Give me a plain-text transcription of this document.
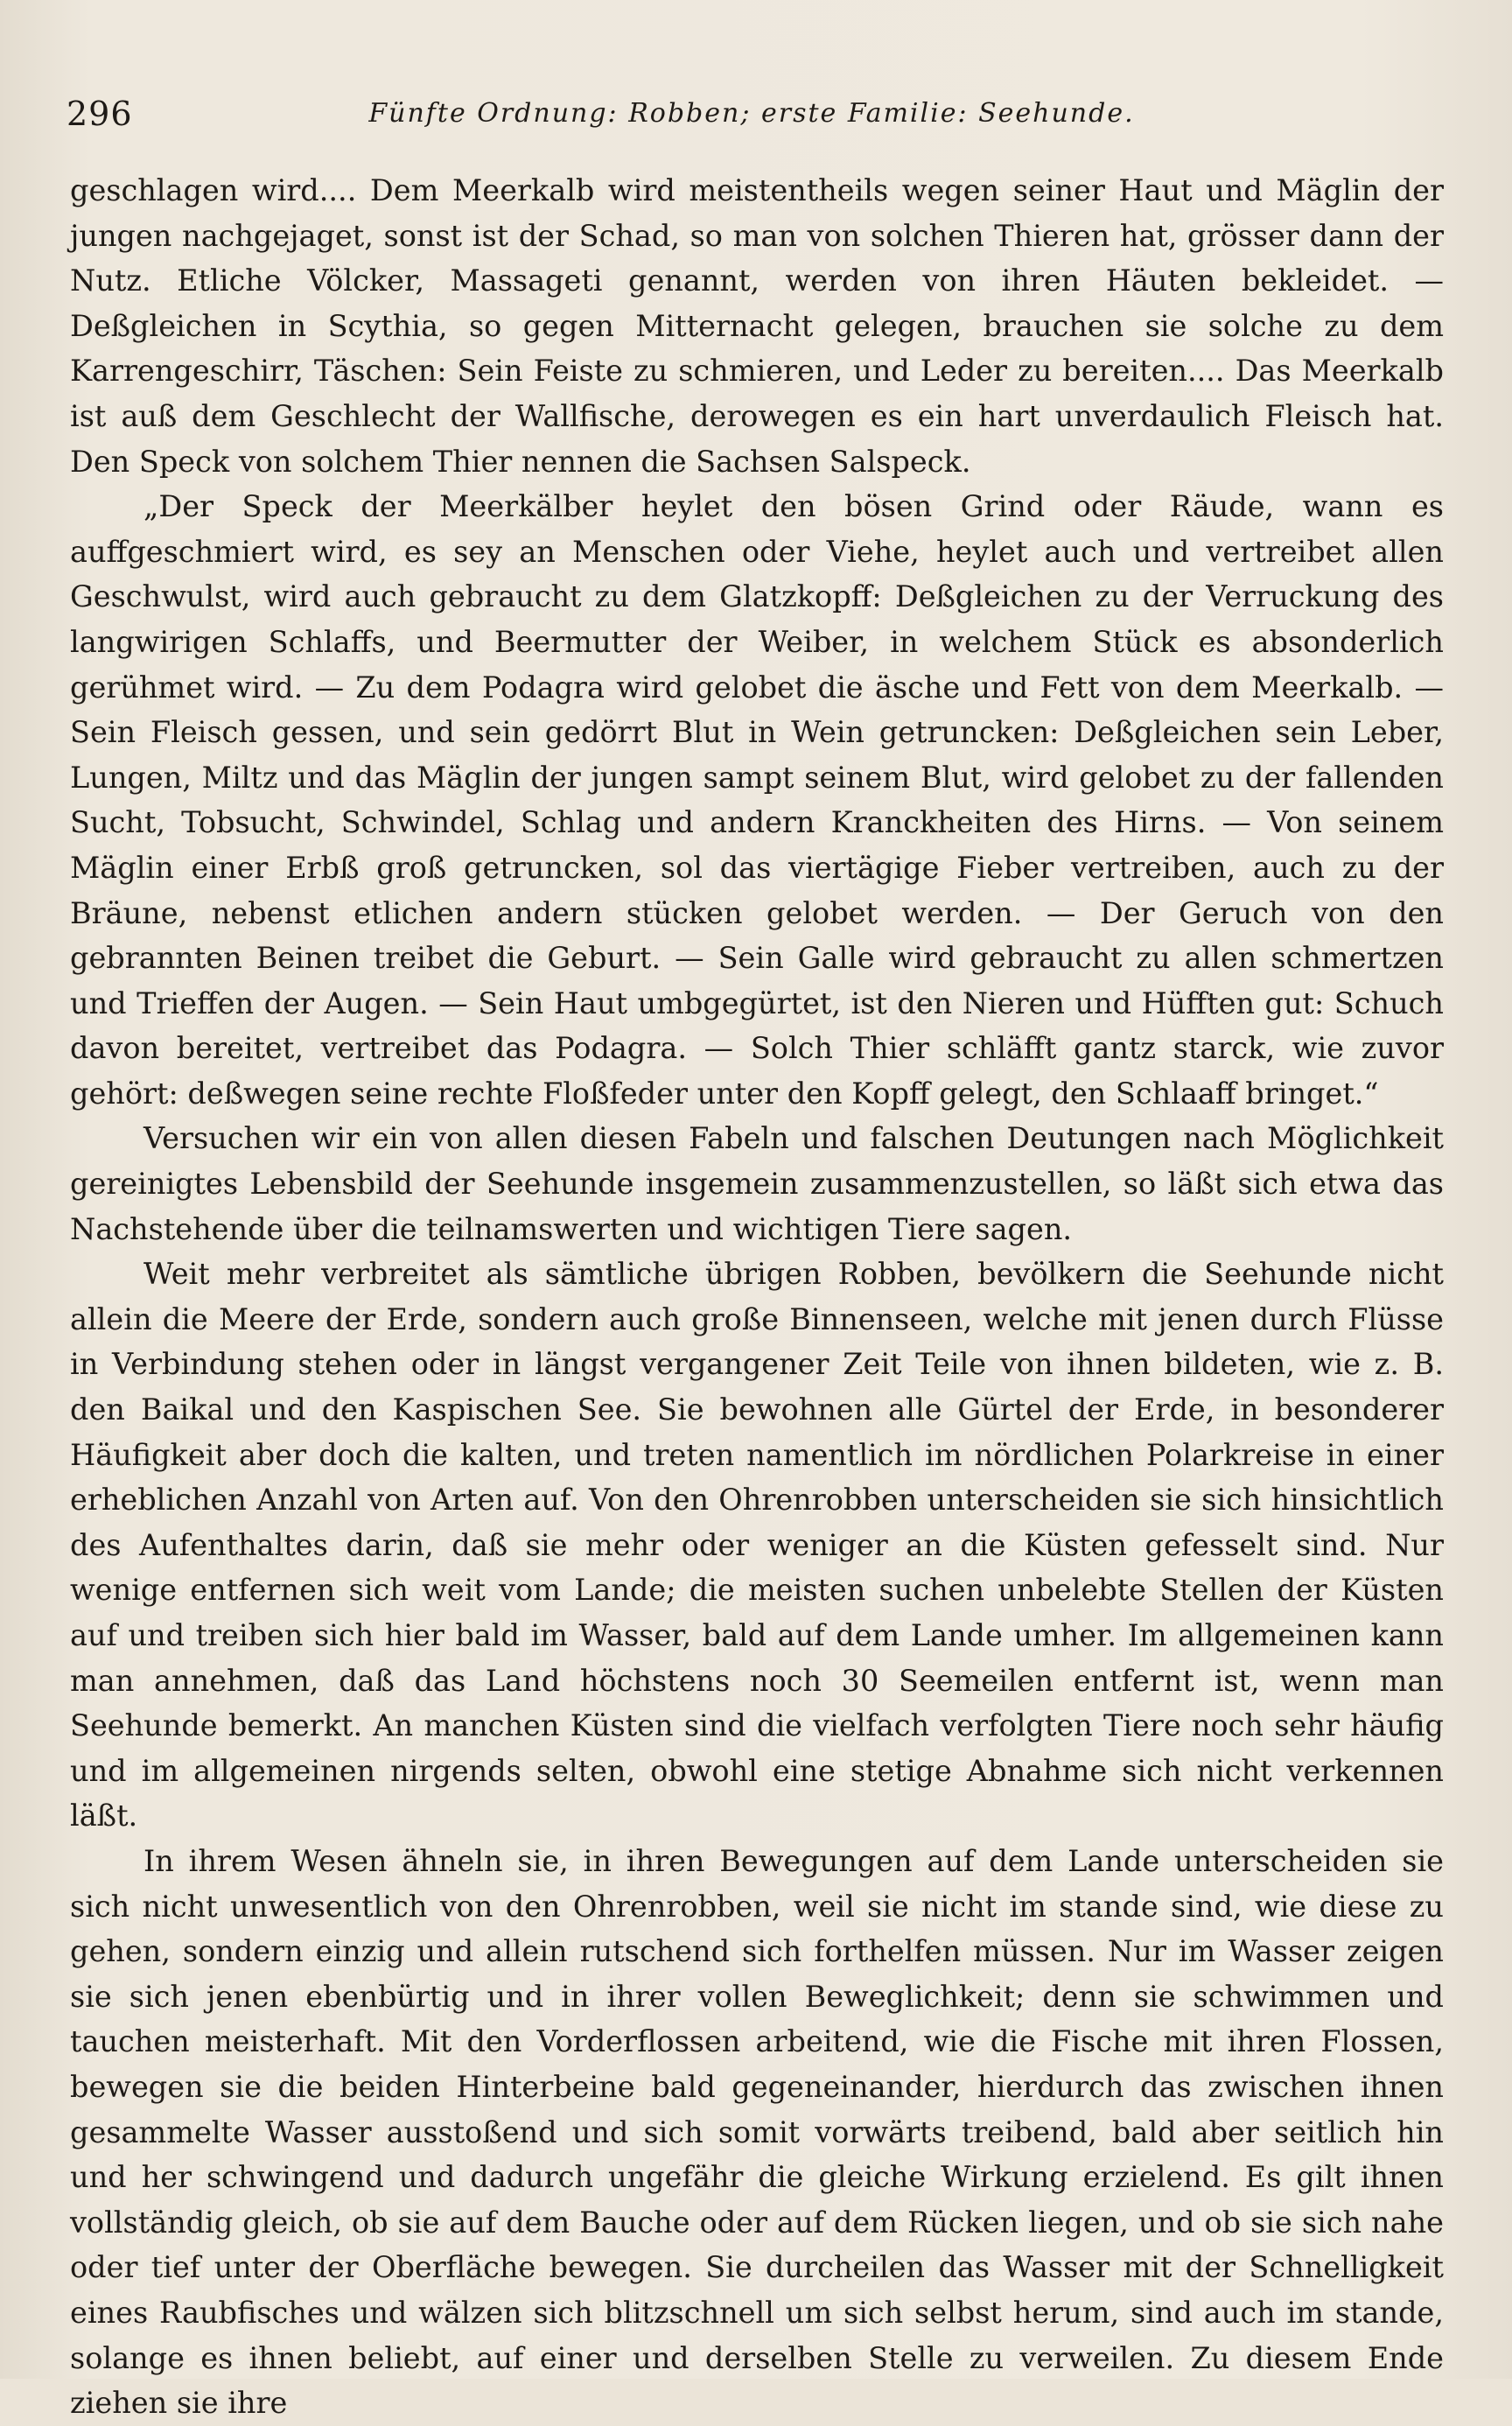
296	Fünfte Ordnung: Robben; erste Familie: Seehunde.

geschlagen wird.... Dem Meerkalb wird meistentheils wegen seiner Haut und Mäglin der jungen nachgejaget, sonst ist der Schad, so man von solchen Thieren hat, grösser dann der Nutz. Etliche Völcker, Massageti genannt, werden von ihren Häuten bekleidet. — Deßgleichen in Scythia, so gegen Mitternacht gelegen, brauchen sie solche zu dem Karrengeschirr, Täschen: Sein Feiste zu schmieren, und Leder zu bereiten.... Das Meerkalb ist auß dem Geschlecht der Wallfische, derowegen es ein hart unverdaulich Fleisch hat. Den Speck von solchem Thier nennen die Sachsen Salspeck.

„Der Speck der Meerkälber heylet den bösen Grind oder Räude, wann es auffgeschmiert wird, es sey an Menschen oder Viehe, heylet auch und vertreibet allen Geschwulst, wird auch gebraucht zu dem Glatzkopff: Deßgleichen zu der Verruckung des langwirigen Schlaffs, und Beermutter der Weiber, in welchem Stück es absonderlich gerühmet wird. — Zu dem Podagra wird gelobet die äsche und Fett von dem Meerkalb. — Sein Fleisch gessen, und sein gedörrt Blut in Wein getruncken: Deßgleichen sein Leber, Lungen, Miltz und das Mäglin der jungen sampt seinem Blut, wird gelobet zu der fallenden Sucht, Tobsucht, Schwindel, Schlag und andern Kranckheiten des Hirns. — Von seinem Mäglin einer Erbß groß getruncken, sol das viertägige Fieber vertreiben, auch zu der Bräune, nebenst etlichen andern stücken gelobet werden. — Der Geruch von den gebrannten Beinen treibet die Geburt. — Sein Galle wird gebraucht zu allen schmertzen und Trieffen der Augen. — Sein Haut umbgegürtet, ist den Nieren und Hüfften gut: Schuch davon bereitet, vertreibet das Podagra. — Solch Thier schläfft gantz starck, wie zuvor gehört: deßwegen seine rechte Floßfeder unter den Kopff gelegt, den Schlaaff bringet.“

Versuchen wir ein von allen diesen Fabeln und falschen Deutungen nach Möglichkeit gereinigtes Lebensbild der Seehunde insgemein zusammenzustellen, so läßt sich etwa das Nachstehende über die teilnamswerten und wichtigen Tiere sagen.

Weit mehr verbreitet als sämtliche übrigen Robben, bevölkern die Seehunde nicht allein die Meere der Erde, sondern auch große Binnenseen, welche mit jenen durch Flüsse in Verbindung stehen oder in längst vergangener Zeit Teile von ihnen bildeten, wie z. B. den Baikal und den Kaspischen See. Sie bewohnen alle Gürtel der Erde, in besonderer Häufigkeit aber doch die kalten, und treten namentlich im nördlichen Polarkreise in einer erheblichen Anzahl von Arten auf. Von den Ohrenrobben unterscheiden sie sich hinsichtlich des Aufenthaltes darin, daß sie mehr oder weniger an die Küsten gefesselt sind. Nur wenige entfernen sich weit vom Lande; die meisten suchen unbelebte Stellen der Küsten auf und treiben sich hier bald im Wasser, bald auf dem Lande umher. Im allgemeinen kann man annehmen, daß das Land höchstens noch 30 Seemeilen entfernt ist, wenn man Seehunde bemerkt. An manchen Küsten sind die vielfach verfolgten Tiere noch sehr häufig und im allgemeinen nirgends selten, obwohl eine stetige Abnahme sich nicht verkennen läßt.

In ihrem Wesen ähneln sie, in ihren Bewegungen auf dem Lande unterscheiden sie sich nicht unwesentlich von den Ohrenrobben, weil sie nicht im stande sind, wie diese zu gehen, sondern einzig und allein rutschend sich forthelfen müssen. Nur im Wasser zeigen sie sich jenen ebenbürtig und in ihrer vollen Beweglichkeit; denn sie schwimmen und tauchen meisterhaft. Mit den Vorderflossen arbeitend, wie die Fische mit ihren Flossen, bewegen sie die beiden Hinterbeine bald gegeneinander, hierdurch das zwischen ihnen gesammelte Wasser ausstoßend und sich somit vorwärts treibend, bald aber seitlich hin und her schwingend und dadurch ungefähr die gleiche Wirkung erzielend. Es gilt ihnen vollständig gleich, ob sie auf dem Bauche oder auf dem Rücken liegen, und ob sie sich nahe oder tief unter der Oberfläche bewegen. Sie durcheilen das Wasser mit der Schnelligkeit eines Raubfisches und wälzen sich blitzschnell um sich selbst herum, sind auch im stande, solange es ihnen beliebt, auf einer und derselben Stelle zu verweilen. Zu diesem Ende ziehen sie ihre
